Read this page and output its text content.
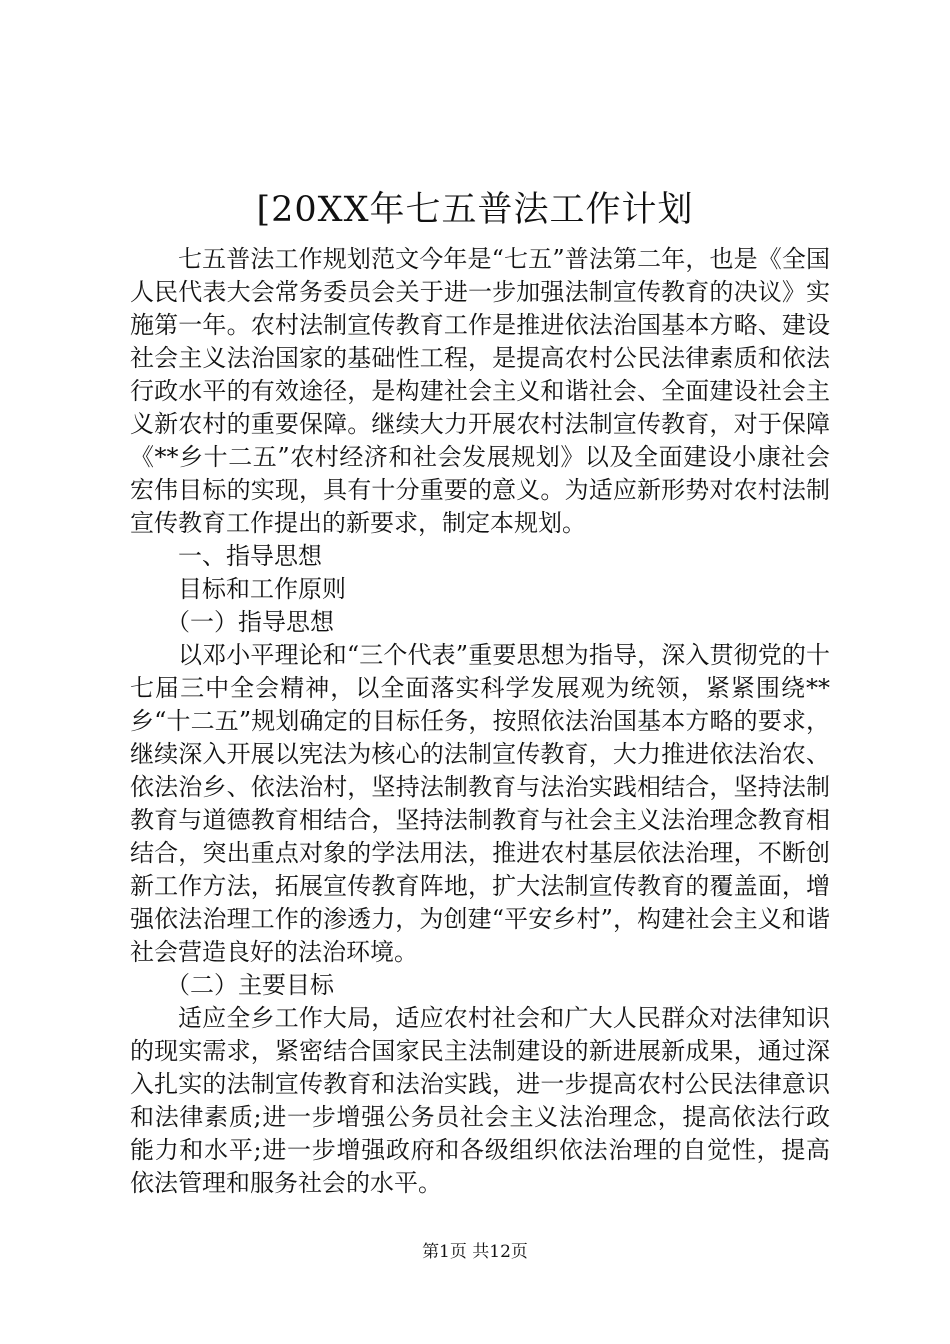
[20XX年七五普法工作计划

七五普法工作规划范文今年是“七五”普法第二年，也是《全国人民代表大会常务委员会关于进一步加强法制宣传教育的决议》实施第一年。农村法制宣传教育工作是推进依法治国基本方略、建设社会主义法治国家的基础性工程，是提高农村公民法律素质和依法行政水平的有效途径，是构建社会主义和谐社会、全面建设社会主义新农村的重要保障。继续大力开展农村法制宣传教育，对于保障《**乡十二五”农村经济和社会发展规划》以及全面建设小康社会宏伟目标的实现，具有十分重要的意义。为适应新形势对农村法制宣传教育工作提出的新要求，制定本规划。

一、指导思想

目标和工作原则

（一）指导思想

以邓小平理论和“三个代表”重要思想为指导，深入贯彻党的十七届三中全会精神，以全面落实科学发展观为统领，紧紧围绕**乡“十二五”规划确定的目标任务，按照依法治国基本方略的要求，继续深入开展以宪法为核心的法制宣传教育，大力推进依法治农、依法治乡、依法治村，坚持法制教育与法治实践相结合，坚持法制教育与道德教育相结合，坚持法制教育与社会主义法治理念教育相结合，突出重点对象的学法用法，推进农村基层依法治理，不断创新工作方法，拓展宣传教育阵地，扩大法制宣传教育的覆盖面，增强依法治理工作的渗透力，为创建“平安乡村”，构建社会主义和谐社会营造良好的法治环境。

（二）主要目标

适应全乡工作大局，适应农村社会和广大人民群众对法律知识的现实需求，紧密结合国家民主法制建设的新进展新成果，通过深入扎实的法制宣传教育和法治实践，进一步提高农村公民法律意识和法律素质;进一步增强公务员社会主义法治理念，提高依法行政能力和水平;进一步增强政府和各级组织依法治理的自觉性，提高依法管理和服务社会的水平。

第1页 共12页
